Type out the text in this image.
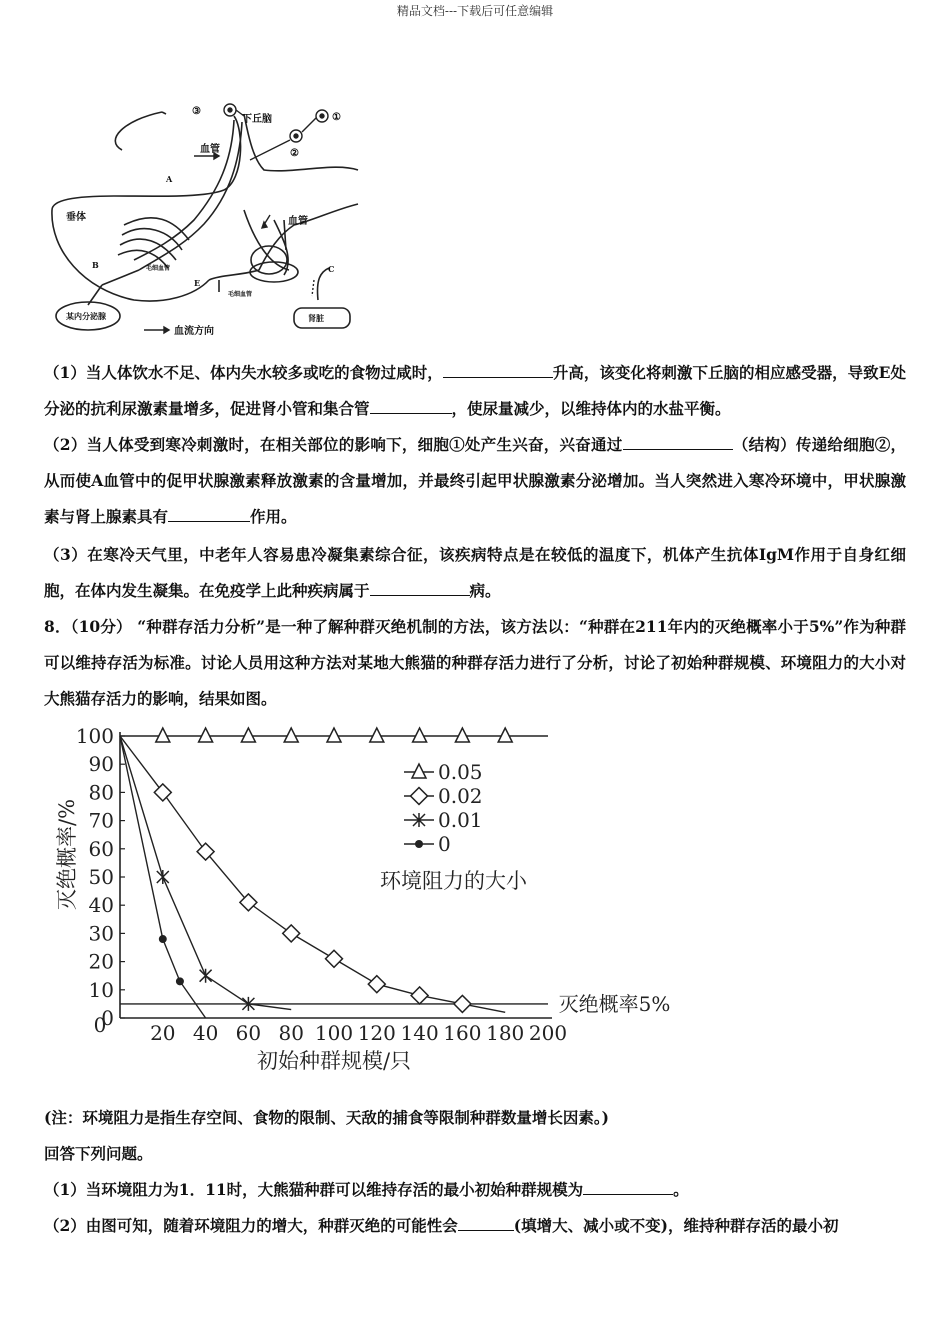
精品文档---下载后可任意编辑
③
下丘脑	①
②
血管
A
垂体	血管
B	毛细血管
E
毛细血管
C
某内分泌腺	肾脏
血流方向
（1）当人体饮水不足、体内失水较多或吃的食物过咸时，	升高，该变化将刺激下丘脑的相应感受器，导致E处分泌的抗利尿激素量增多，促进肾小管和集合管	，使尿量减少，以维持体内的水盐平衡。
（2）当人体受到寒冷刺激时，在相关部位的影响下，细胞①处产生兴奋，兴奋通过	（结构）传递给细胞②，从而使A血管中的促甲状腺激素释放激素的含量增加，并最终引起甲状腺激素分泌增加。当人突然进入寒冷环境中，甲状腺激素与肾上腺素具有	作用。
（3）在寒冷天气里，中老年人容易患冷凝集素综合征，该疾病特点是在较低的温度下，机体产生抗体IgM作用于自身红细胞，在体内发生凝集。在免疫学上此种疾病属于	病。
8．（10分） “种群存活力分析”是一种了解种群灭绝机制的方法，该方法以：“种群在211年内的灭绝概率小于5%”作为种群可以维持存活为标准。讨论人员用这种方法对某地大熊猫的种群存活力进行了分析，讨论了初始种群规模、环境阻力的大小对大熊猫存活力的影响，结果如图。
0
10
20
30
40
50
60
70
80
90
100
0 20 40 60 80 100 120 140 160 180 200
初始种群规模/只
灭绝概率/%
灭绝概率5%
0.05
0.02
0.01
0
环境阻力的大小
(注：环境阻力是指生存空间、食物的限制、天敌的捕食等限制种群数量增长因素。)
回答下列问题。
（1）当环境阻力为1．11时，大熊猫种群可以维持存活的最小初始种群规模为	。
（2）由图可知，随着环境阻力的增大，种群灭绝的可能性会	(填增大、减小或不变)，维持种群存活的最小初
